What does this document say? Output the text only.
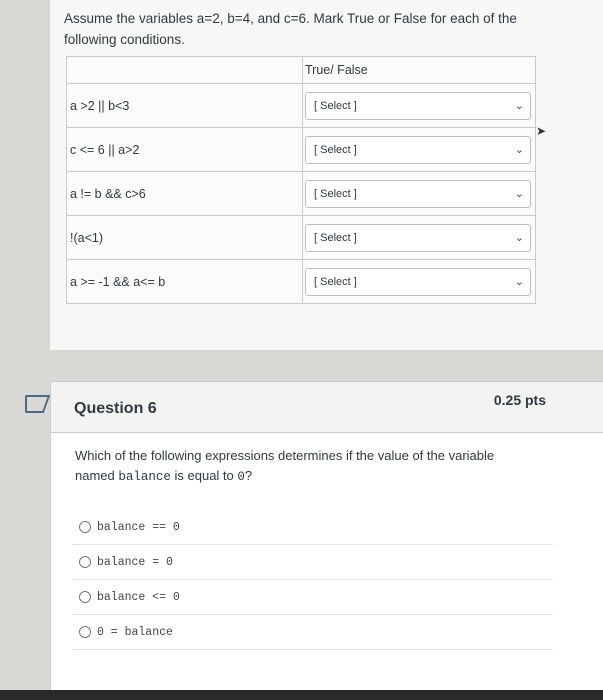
➤
Assume the variables a=2, b=4, and c=6. Mark True or False for each of the following conditions.
	True/ False
a >2 || b<3	[ Select ] ⌄

c <= 6 || a>2	[ Select ] ⌄

a != b && c>6	[ Select ] ⌄

!(a<1)	[ Select ] ⌄

a >= -1 && a<= b	[ Select ] ⌄
Question 6	0.25 pts
Which of the following expressions determines if the value of the variable named balance is equal to 0?
balance == 0
balance = 0
balance <= 0
0 = balance
